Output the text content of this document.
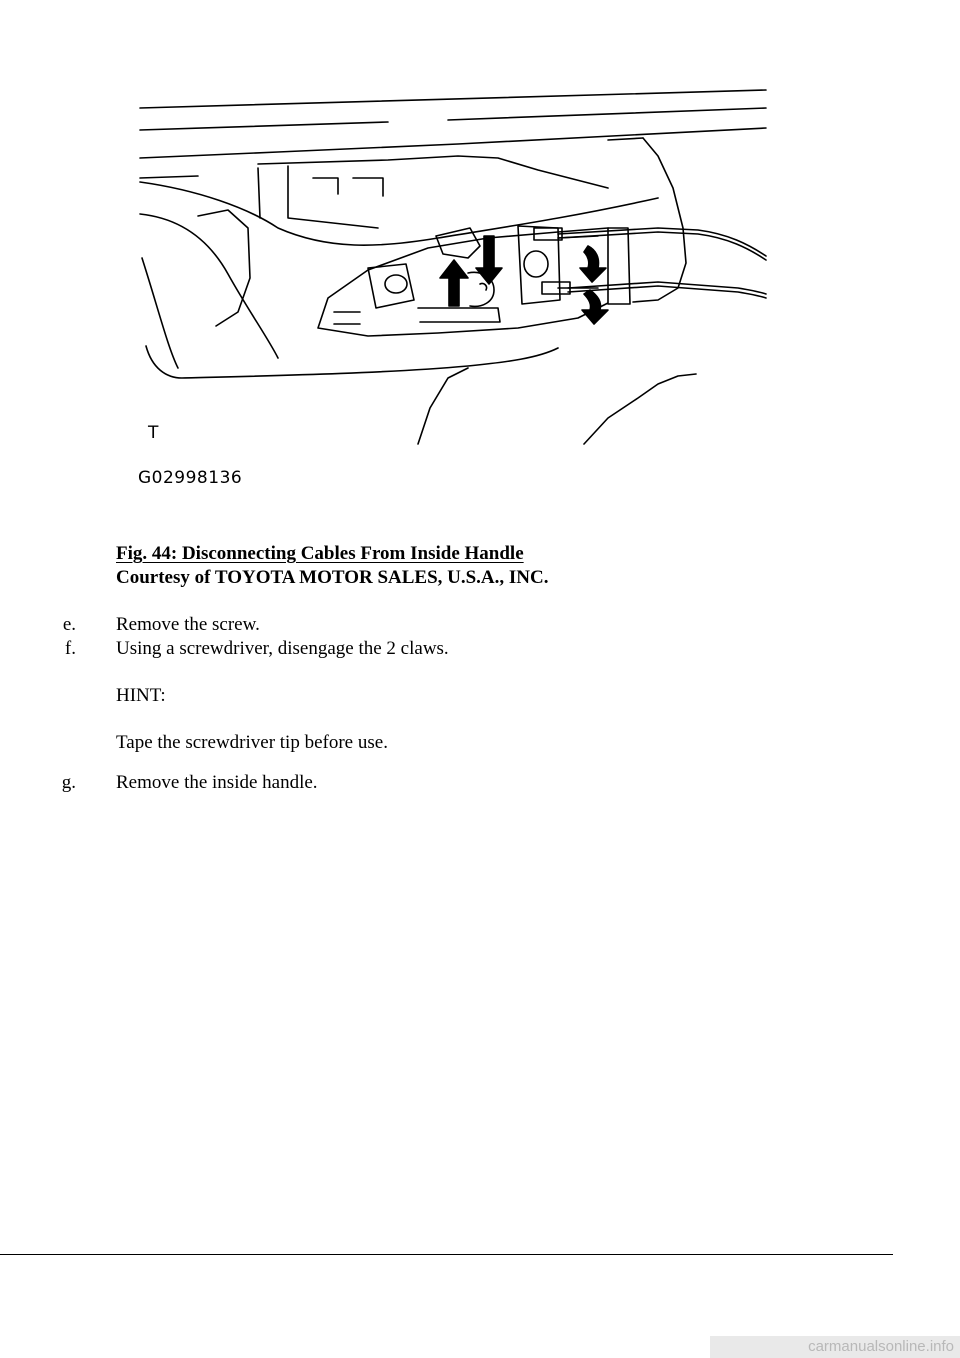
T
G02998136
Fig. 44: Disconnecting Cables From Inside Handle
Courtesy of TOYOTA MOTOR SALES, U.S.A., INC.
e. Remove the screw.
f. Using a screwdriver, disengage the 2 claws.
HINT:
Tape the screwdriver tip before use.
g. Remove the inside handle.
carmanualsonline.info
